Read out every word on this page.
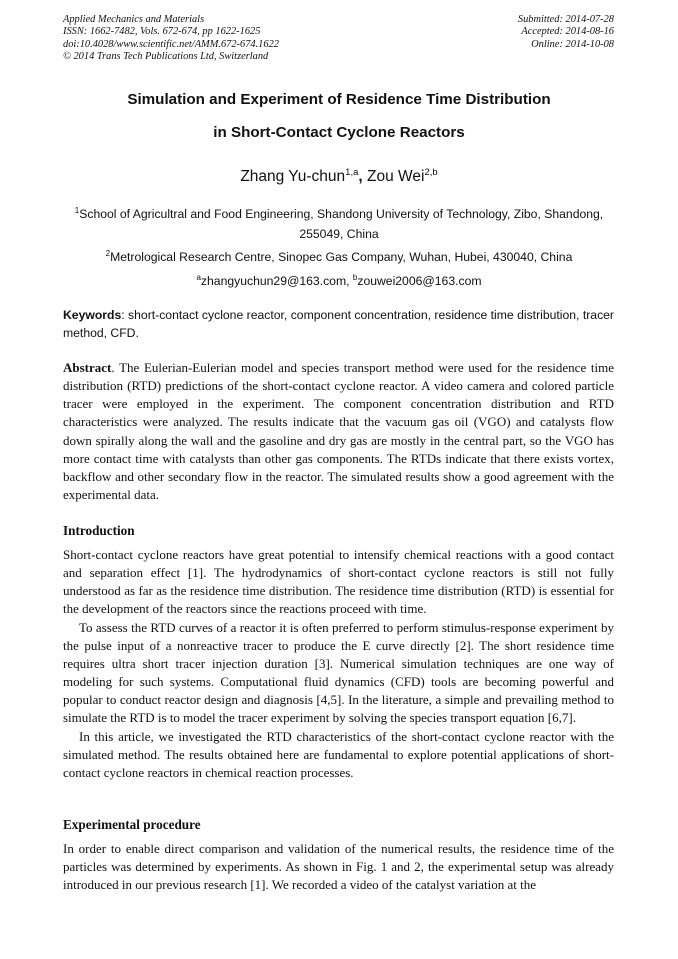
Applied Mechanics and Materials
ISSN: 1662-7482, Vols. 672-674, pp 1622-1625
doi:10.4028/www.scientific.net/AMM.672-674.1622
© 2014 Trans Tech Publications Ltd, Switzerland
Submitted: 2014-07-28
Accepted: 2014-08-16
Online: 2014-10-08
Simulation and Experiment of Residence Time Distribution
in Short-Contact Cyclone Reactors
Zhang Yu-chun$^{1,a}$, Zou Wei$^{2,b}$
$^1$School of Agricultral and Food Engineering, Shandong University of Technology, Zibo, Shandong, 255049, China
$^2$Metrological Research Centre, Sinopec Gas Company, Wuhan, Hubei, 430040, China
$^a$zhangyuchun29@163.com, $^b$zouwei2006@163.com
Keywords: short-contact cyclone reactor, component concentration, residence time distribution, tracer method, CFD.
Abstract. The Eulerian-Eulerian model and species transport method were used for the residence time distribution (RTD) predictions of the short-contact cyclone reactor. A video camera and colored particle tracer were employed in the experiment. The component concentration distribution and RTD characteristics were analyzed. The results indicate that the vacuum gas oil (VGO) and catalysts flow down spirally along the wall and the gasoline and dry gas are mostly in the central part, so the VGO has more contact time with catalysts than other gas components. The RTDs indicate that there exists vortex, backflow and other secondary flow in the reactor. The simulated results show a good agreement with the experimental data.
Introduction

Short-contact cyclone reactors have great potential to intensify chemical reactions with a good contact and separation effect [1]. The hydrodynamics of short-contact cyclone reactors is still not fully understood as far as the residence time distribution. The residence time distribution (RTD) is essential for the development of the reactors since the reactions proceed with time.

To assess the RTD curves of a reactor it is often preferred to perform stimulus-response experiment by the pulse input of a nonreactive tracer to produce the E curve directly [2]. The short residence time requires ultra short tracer injection duration [3]. Numerical simulation techniques are one way of modeling for such systems. Computational fluid dynamics (CFD) tools are becoming powerful and popular to conduct reactor design and diagnosis [4,5]. In the literature, a simple and prevailing method to simulate the RTD is to model the tracer experiment by solving the species transport equation [6,7].

In this article, we investigated the RTD characteristics of the short-contact cyclone reactor with the simulated method. The results obtained here are fundamental to explore potential applications of short-contact cyclone reactors in chemical reaction processes.

Experimental procedure

In order to enable direct comparison and validation of the numerical results, the residence time of the particles was determined by experiments. As shown in Fig. 1 and 2, the experimental setup was already introduced in our previous research [1]. We recorded a video of the catalyst variation at the
